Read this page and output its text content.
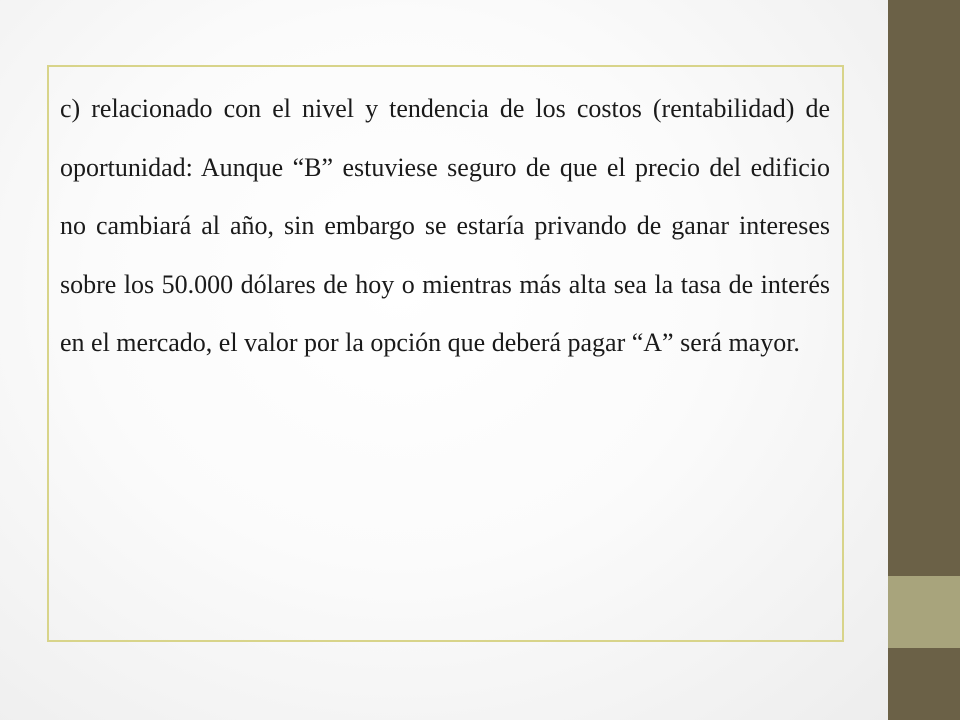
c) relacionado con el nivel y tendencia de los costos (rentabilidad) de oportunidad: Aunque “B” estuviese seguro de que el precio del edificio no cambiará al año, sin embargo se estaría privando de ganar intereses sobre los 50.000 dólares de hoy o mientras más alta sea la tasa de interés en el mercado, el valor por la opción que deberá pagar “A” será mayor.
